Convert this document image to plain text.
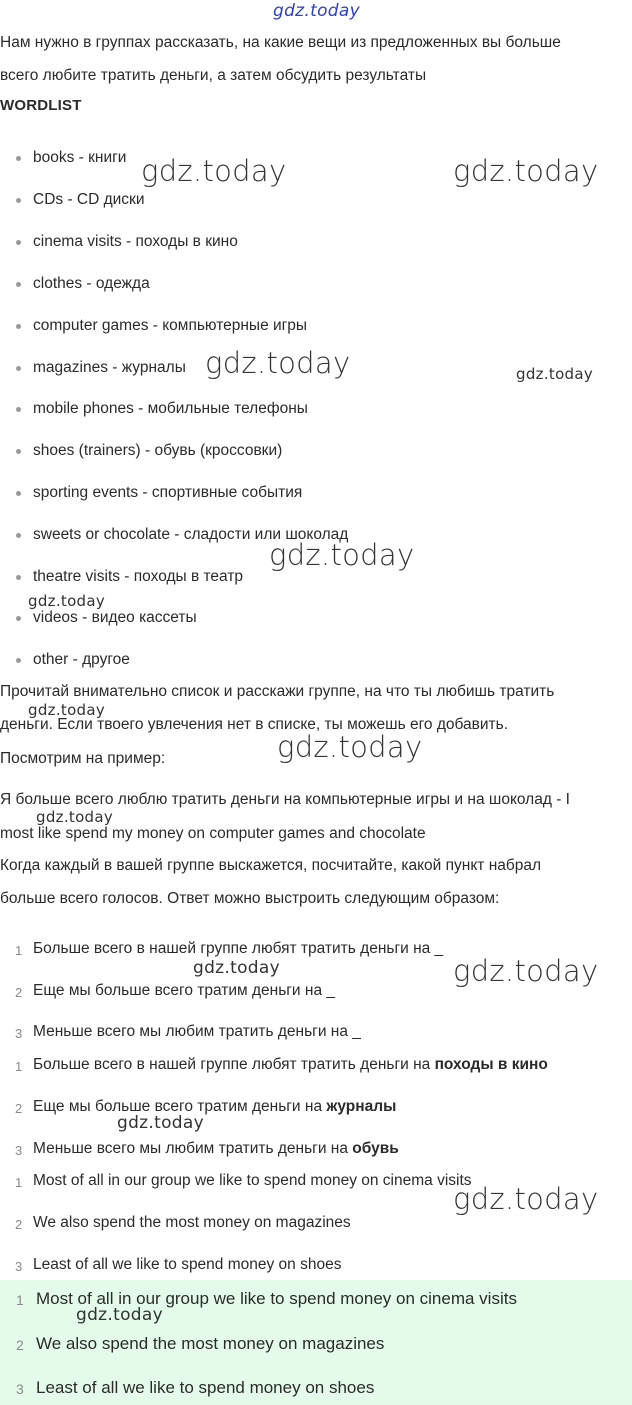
gdz.today
Нам нужно в группах рассказать, на какие вещи из предложенных вы больше
всего любите тратить деньги, а затем обсудить результаты
WORDLIST
books - книги
CDs - CD диски
cinema visits - походы в кино
clothes - одежда
computer games - компьютерные игры
magazines - журналы
mobile phones - мобильные телефоны
shoes (trainers) - обувь (кроссовки)
sporting events - спортивные события
sweets or chocolate - сладости или шоколад
theatre visits - походы в театр
videos - видео кассеты
other - другое
Прочитай внимательно список и расскажи группе, на что ты любишь тратить
деньги. Если твоего увлечения нет в списке, ты можешь его добавить.
Посмотрим на пример:
Я больше всего люблю тратить деньги на компьютерные игры и на шоколад - I
most like spend my money on computer games and chocolate
Когда каждый в вашей группе выскажется, посчитайте, какой пункт набрал
больше всего голосов. Ответ можно выстроить следующим образом:
1 Больше всего в нашей группе любят тратить деньги на _
2 Еще мы больше всего тратим деньги на _
3 Меньше всего мы любим тратить деньги на _
1 Больше всего в нашей группе любят тратить деньги на походы в кино
2 Еще мы больше всего тратим деньги на журналы
3 Меньше всего мы любим тратить деньги на обувь
1 Most of all in our group we like to spend money on cinema visits
2 We also spend the most money on magazines
3 Least of all we like to spend money on shoes
1 Most of all in our group we like to spend money on cinema visits
2 We also spend the most money on magazines
3 Least of all we like to spend money on shoes
gdz.today	gdz.today
gdz.today	gdz.today
gdz.today
gdz.today
gdz.today
gdz.today
gdz.today
gdz.today	gdz.today
gdz.today
gdz.today
gdz.today
